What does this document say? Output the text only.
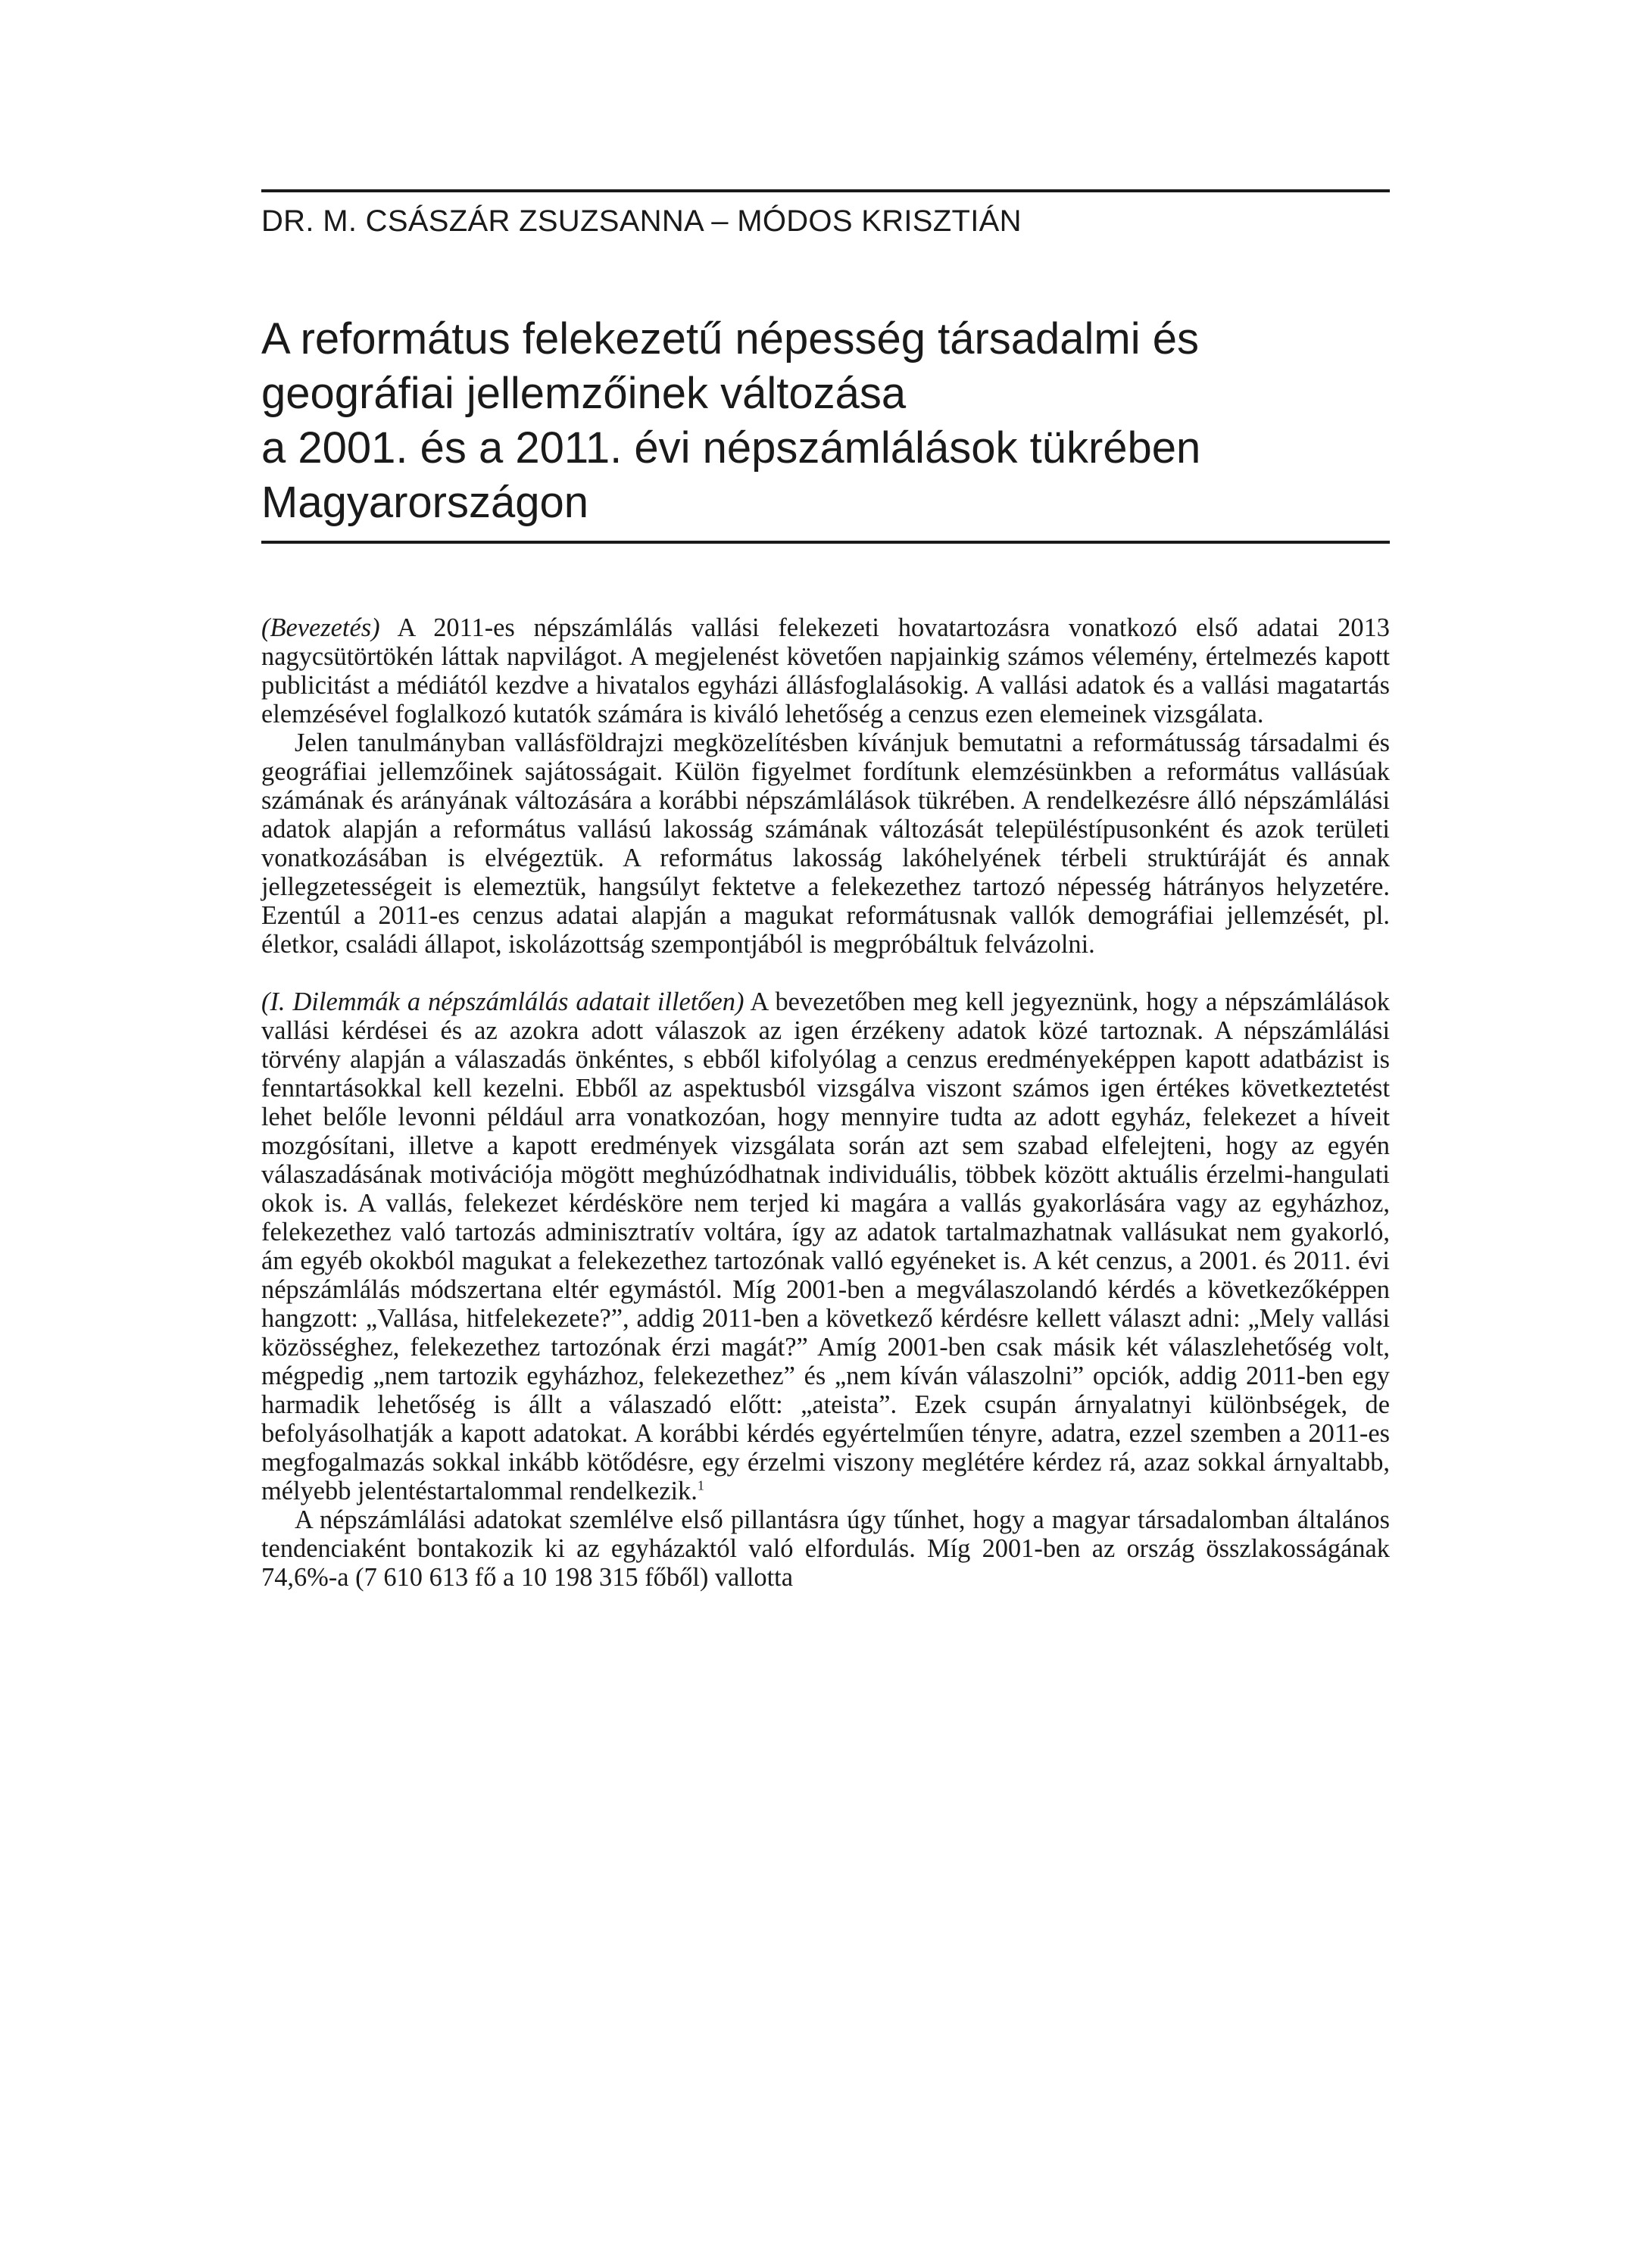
DR. M. CSÁSZÁR ZSUZSANNA – MÓDOS KRISZTIÁN
A református felekezetű népesség társadalmi és
geográfiai jellemzőinek változása
a 2001. és a 2011. évi népszámlálások tükrében
Magyarországon

(Bevezetés) A 2011-es népszámlálás vallási felekezeti hovatartozásra vonatkozó első adatai 2013 nagycsütörtökén láttak napvilágot. A megjelenést követően napjainkig számos vélemény, értelmezés kapott publicitást a médiától kezdve a hivatalos egyházi állásfoglalásokig. A vallási adatok és a vallási magatartás elemzésével foglalkozó kutatók számára is kiváló lehetőség a cenzus ezen elemeinek vizsgálata.

Jelen tanulmányban vallásföldrajzi megközelítésben kívánjuk bemutatni a reformátusság társadalmi és geográfiai jellemzőinek sajátosságait. Külön figyelmet fordítunk elemzésünkben a református vallásúak számának és arányának változására a korábbi népszámlálások tükrében. A rendelkezésre álló népszámlálási adatok alapján a református vallású lakosság számának változását településtípusonként és azok területi vonatkozásában is elvégeztük. A református lakosság lakóhelyének térbeli struktúráját és annak jellegzetességeit is elemeztük, hangsúlyt fektetve a felekezethez tartozó népesség hátrányos helyzetére. Ezentúl a 2011-es cenzus adatai alapján a magukat reformátusnak vallók demográfiai jellemzését, pl. életkor, családi állapot, iskolázottság szempontjából is megpróbáltuk felvázolni.

(I. Dilemmák a népszámlálás adatait illetően) A bevezetőben meg kell jegyeznünk, hogy a népszámlálások vallási kérdései és az azokra adott válaszok az igen érzékeny adatok közé tartoznak. A népszámlálási törvény alapján a válaszadás önkéntes, s ebből kifolyólag a cenzus eredményeképpen kapott adatbázist is fenntartásokkal kell kezelni. Ebből az aspektusból vizsgálva viszont számos igen értékes következtetést lehet belőle levonni például arra vonatkozóan, hogy mennyire tudta az adott egyház, felekezet a híveit mozgósítani, illetve a kapott eredmények vizsgálata során azt sem szabad elfelejteni, hogy az egyén válaszadásának motivációja mögött meghúzódhatnak individuális, többek között aktuális érzelmi-hangulati okok is. A vallás, felekezet kérdésköre nem terjed ki magára a vallás gyakorlására vagy az egyházhoz, felekezethez való tartozás adminisztratív voltára, így az adatok tartalmazhatnak vallásukat nem gyakorló, ám egyéb okokból magukat a felekezethez tartozónak valló egyéneket is. A két cenzus, a 2001. és 2011. évi népszámlálás módszertana eltér egymástól. Míg 2001-ben a megválaszolandó kérdés a következőképpen hangzott: „Vallása, hitfelekezete?”, addig 2011-ben a következő kérdésre kellett választ adni: „Mely vallási közösséghez, felekezethez tartozónak érzi magát?” Amíg 2001-ben csak másik két válaszlehetőség volt, mégpedig „nem tartozik egyházhoz, felekezethez” és „nem kíván válaszolni” opciók, addig 2011-ben egy harmadik lehetőség is állt a válaszadó előtt: „ateista”. Ezek csupán árnyalatnyi különbségek, de befolyásolhatják a kapott adatokat. A korábbi kérdés egyértelműen tényre, adatra, ezzel szemben a 2011-es megfogalmazás sokkal inkább kötődésre, egy érzelmi viszony meglétére kérdez rá, azaz sokkal árnyaltabb, mélyebb jelentéstartalommal rendelkezik.$^1$

A népszámlálási adatokat szemlélve első pillantásra úgy tűnhet, hogy a magyar társadalomban általános tendenciaként bontakozik ki az egyházaktól való elfordulás. Míg 2001-ben az ország összlakosságának 74,6%-a (7 610 613 fő a 10 198 315 főből) vallotta
